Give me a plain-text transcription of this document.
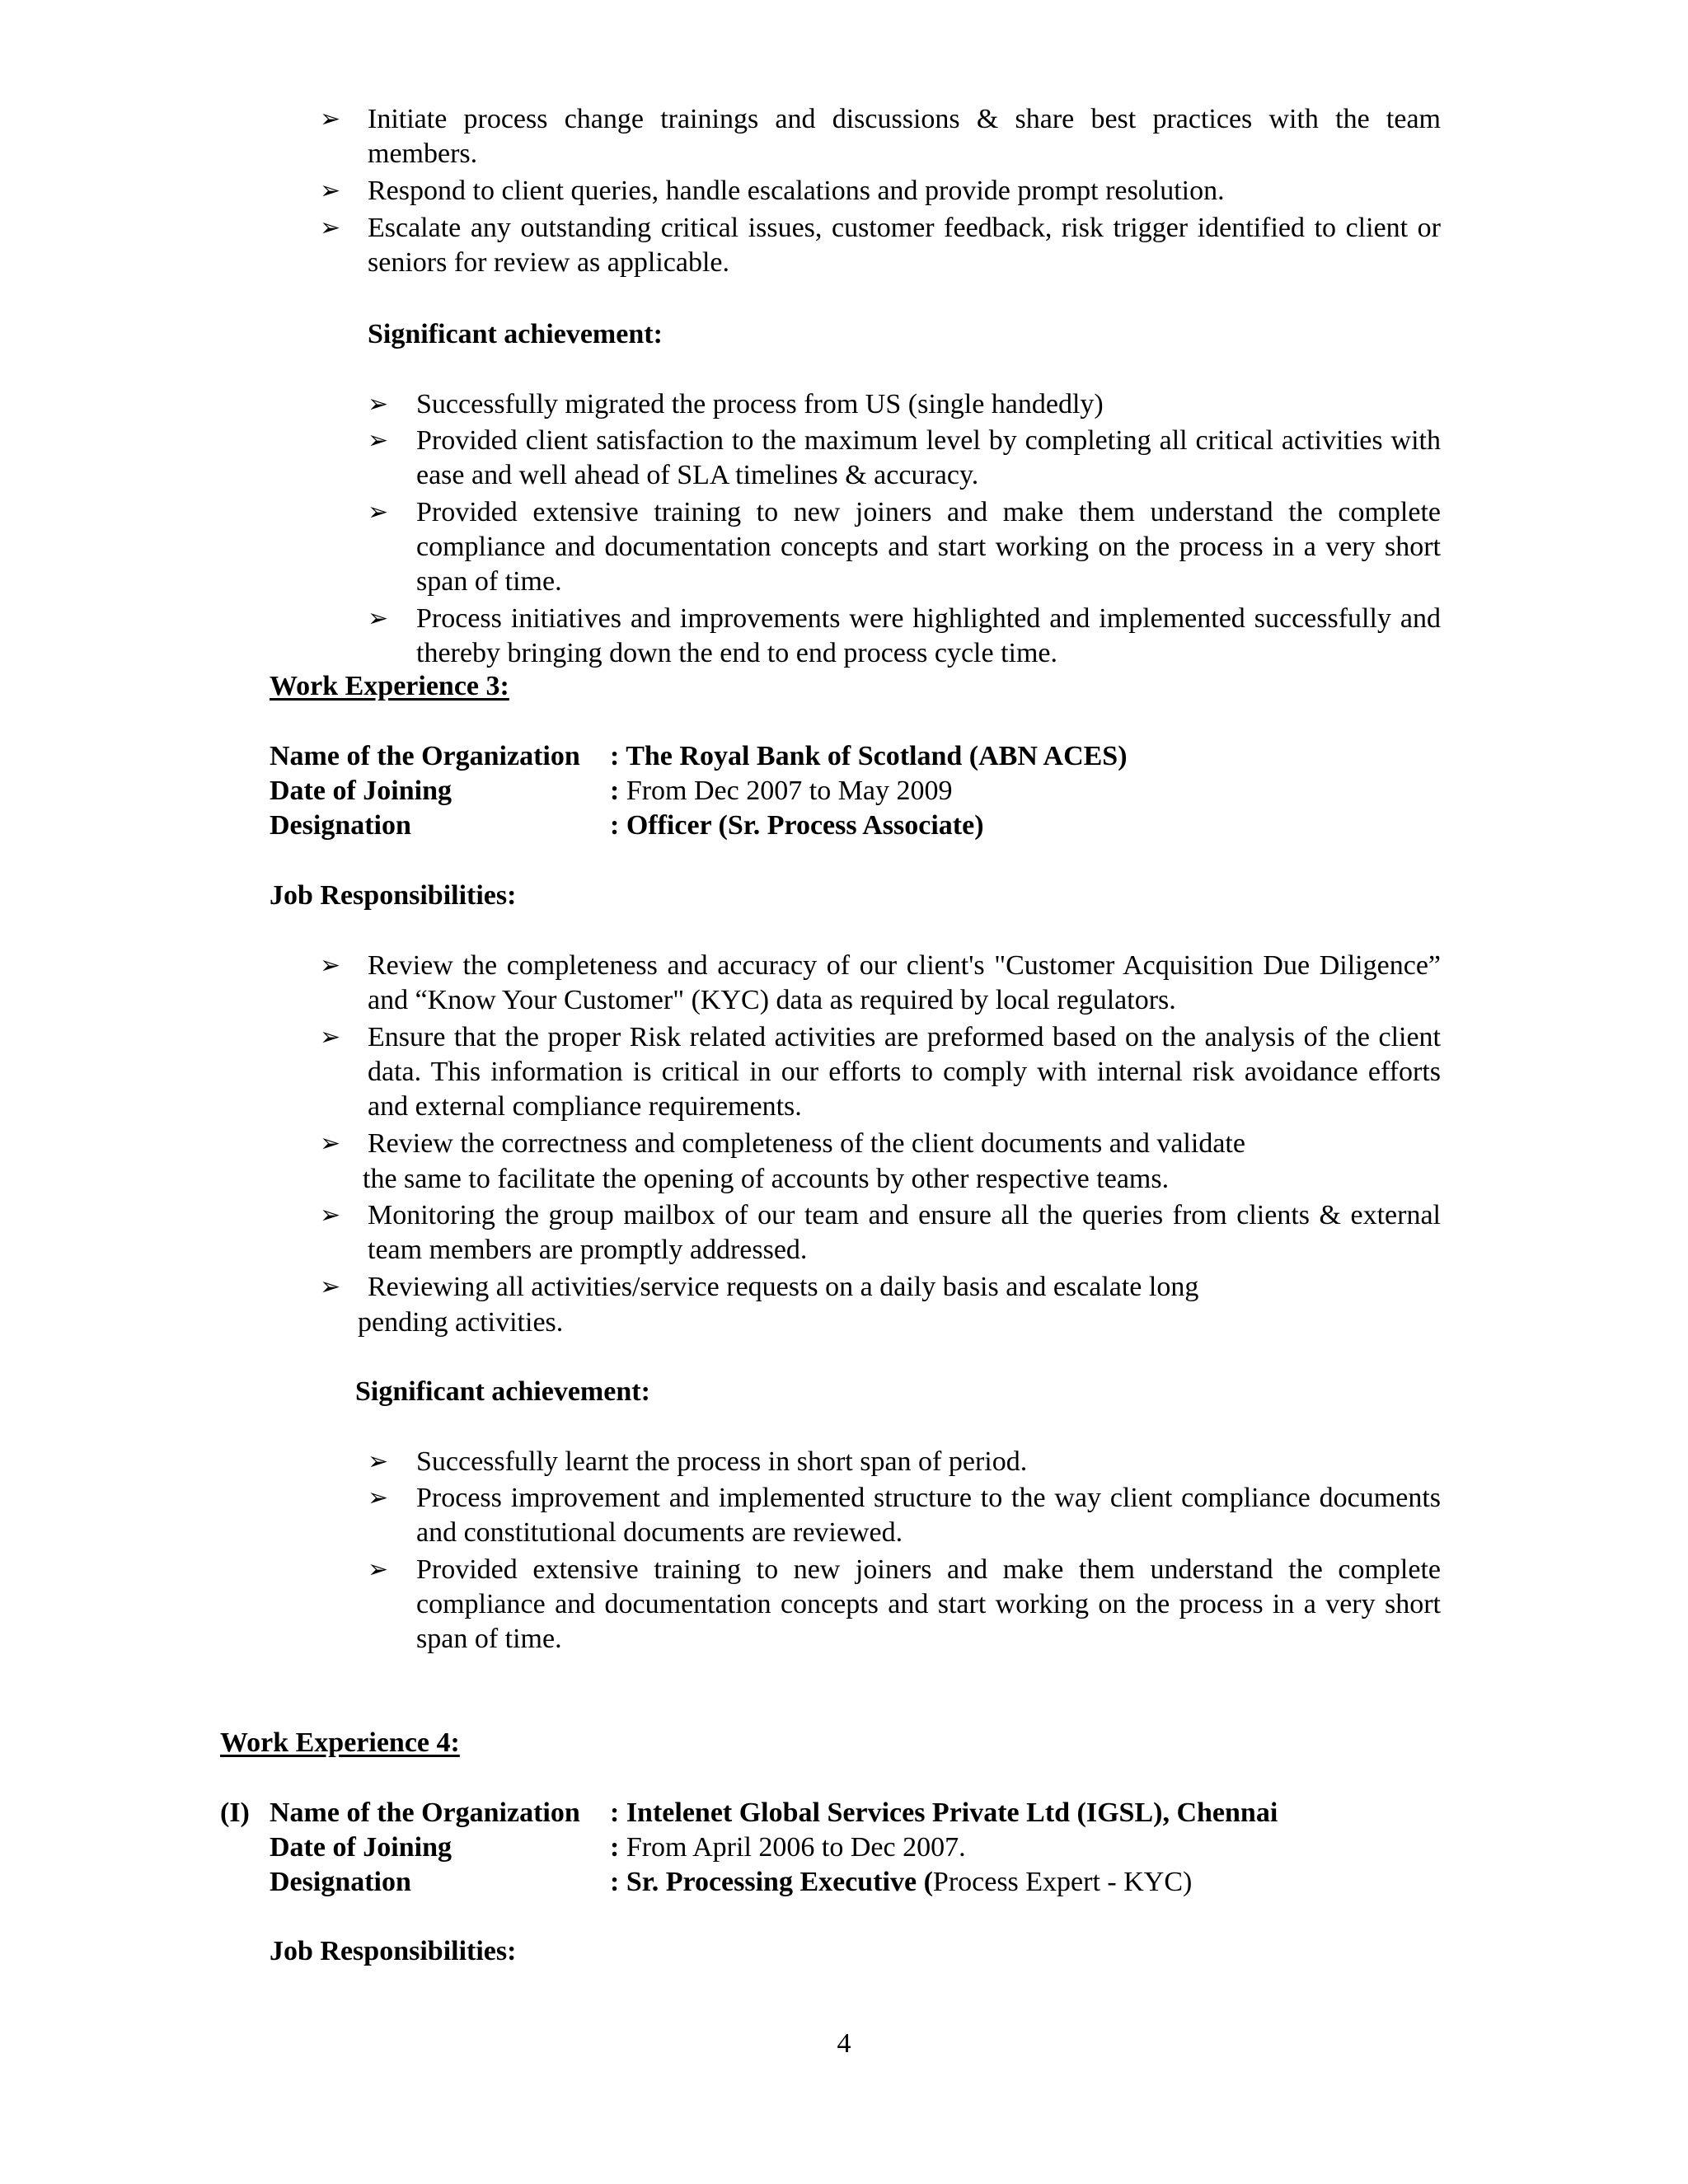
➢ Initiate process change trainings and discussions & share best practices with the team members.
➢ Respond to client queries, handle escalations and provide prompt resolution.
➢ Escalate any outstanding critical issues, customer feedback, risk trigger identified to client or seniors for review as applicable.
Significant achievement:
➢ Successfully migrated the process from US (single handedly)
➢ Provided client satisfaction to the maximum level by completing all critical activities with ease and well ahead of SLA timelines & accuracy.
➢ Provided extensive training to new joiners and make them understand the complete compliance and documentation concepts and start working on the process in a very short span of time.
➢ Process initiatives and improvements were highlighted and implemented successfully and thereby bringing down the end to end process cycle time.
Work Experience 3:
Name of the Organization : The Royal Bank of Scotland (ABN ACES)
Date of Joining	: From Dec 2007 to May 2009
Designation	: Officer (Sr. Process Associate)
Job Responsibilities:
➢ Review the completeness and accuracy of our client's "Customer Acquisition Due Diligence” and “Know Your Customer" (KYC) data as required by local regulators.
➢ Ensure that the proper Risk related activities are preformed based on the analysis of the client data. This information is critical in our efforts to comply with internal risk avoidance efforts and external compliance requirements.
➢ Review the correctness and completeness of the client documents and validate
the same to facilitate the opening of accounts by other respective teams.
➢ Monitoring the group mailbox of our team and ensure all the queries from clients & external team members are promptly addressed.
➢ Reviewing all activities/service requests on a daily basis and escalate long
pending activities.
Significant achievement:
➢ Successfully learnt the process in short span of period.
➢ Process improvement and implemented structure to the way client compliance documents and constitutional documents are reviewed.
➢ Provided extensive training to new joiners and make them understand the complete compliance and documentation concepts and start working on the process in a very short span of time.
Work Experience 4:
(I) Name of the Organization : Intelenet Global Services Private Ltd (IGSL), Chennai
Date of Joining	: From April 2006 to Dec 2007.
Designation	: Sr. Processing Executive (Process Expert - KYC)
Job Responsibilities:
4
